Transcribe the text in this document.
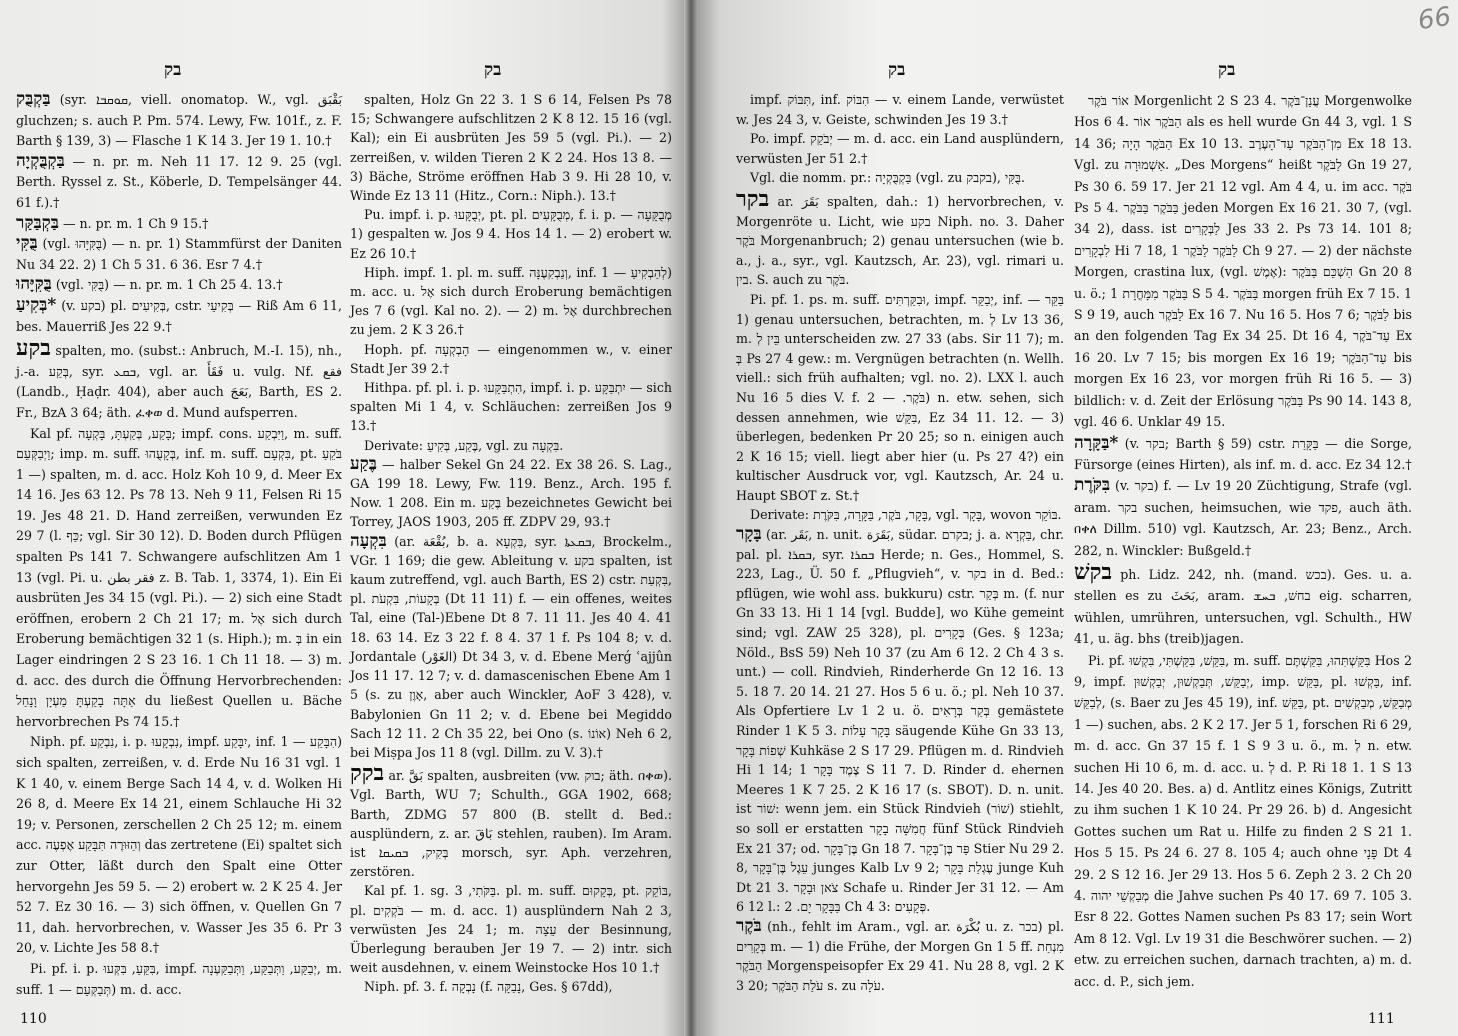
66
בק	בק	בק	בק

בַּקְבֻּק (syr. ܩܘܩܒܐ, viell. onomatop. W., vgl. بَقْبَق gluchzen; s. auch P. Pm. 574. Lewy, Fw. 101f., z. F. Barth § 139, 3) — Flasche 1 K 14 3. Jer 19 1. 10.†

בַּקְבֻּקְיָה — n. pr. m. Neh 11 17. 12 9. 25 (vgl. Berth. Ryssel z. St., Köberle, D. Tempelsänger 44. 61 f.).†

בַּקְבַּקַּר — n. pr. m. 1 Ch 9 15.†

בֻּקִּי (vgl. בֻּקִּיָּהוּ) — n. pr. 1) Stammfürst der Daniten Nu 34 22. 2) 1 Ch 5 31. 6 36. Esr 7 4.†

בֻּקִּיָּהוּ (vgl. בֻּקִּי) — n. pr. m. 1 Ch 25 4. 13.†

בְּקִיעַ* (v. בקע) pl. בְּקִיעִים, cstr. בְּקִיעֵי — Riß Am 6 11, bes. Mauerriß Jes 22 9.†

בקע spalten, mo. (subst.: Anbruch, M.-I. 15), nh., j.-a. בְּקַע, syr. ܒܩܥ, vgl. ar. فَقَأَ u. vulg. Nf. فقع (Landb., Ḥaḍr. 404), aber auch بَعَجَ, Barth, ES 2. Fr., BzA 3 64; äth. ፈቀወ d. Mund aufsperren.

Kal pf. בָּקַע, בְּקַעְתָּ, בָּקְעָה; impf. cons. וַיִּבְקַע, m. suff. וַיְבַקְּעֵם; imp. m. suff. בְּקָעֻהוּ, inf. m. suff. בִּקְעָם, pt. בֹּקֵעַ — 1) spalten, m. d. acc. Holz Koh 10 9, d. Meer Ex 14 16. Jes 63 12. Ps 78 13. Neh 9 11, Felsen Ri 15 19. Jes 48 21. D. Hand zerreißen, verwunden Ez 29 7 (l. כַּף; vgl. Sir 30 12). D. Boden durch Pflügen spalten Ps 141 7. Schwangere aufschlitzen Am 1 13 (vgl. Pi. u. فقر بطن z. B. Tab. 1, 3374, 1). Ein Ei ausbrüten Jes 34 15 (vgl. Pi.). — 2) sich eine Stadt eröffnen, erobern 2 Ch 21 17; m. אֶל sich durch Eroberung bemächtigen 32 1 (s. Hiph.); m. בְּ in ein Lager eindringen 2 S 23 16. 1 Ch 11 18. — 3) m. d. acc. des durch die Öffnung Hervorbrechenden: אַתָּה בָקַעְתָּ מַעְיָן וָנָחַל du ließest Quellen u. Bäche hervorbrechen Ps 74 15.†

Niph. pf. נִבְקַע, i. p. נִבְקָעוּ, impf. יִבָּקַע, inf. הִבָּקַע — 1) sich spalten, zerreißen, v. d. Erde Nu 16 31 vgl. 1 K 1 40, v. einem Berge Sach 14 4, v. d. Wolken Hi 26 8, d. Meere Ex 14 21, einem Schlauche Hi 32 19; v. Personen, zerschellen 2 Ch 25 12; m. einem acc. וְהַזּוּרֶה תִּבָּקַע אֶפְעֶה das zertretene (Ei) spaltet sich zur Otter, läßt durch den Spalt eine Otter hervorgehn Jes 59 5. — 2) erobert w. 2 K 25 4. Jer 52 7. Ez 30 16. — 3) sich öffnen, v. Quellen Gn 7 11, dah. hervorbrechen, v. Wasser Jes 35 6. Pr 3 20, v. Lichte Jes 58 8.†

Pi. pf. i. p. בִּקֵּעַ, בִּקְּעוּ, impf. יְבַקַּע, וַתְּבַקַּע, וַתְּבַקַּעְנָה, m. suff. תְּבַקְּעֵם — 1) m. d. acc.

spalten, Holz Gn 22 3. 1 S 6 14, Felsen Ps 78 15; Schwangere aufschlitzen 2 K 8 12. 15 16 (vgl. Kal); ein Ei ausbrüten Jes 59 5 (vgl. Pi.). — 2) zerreißen, v. wilden Tieren 2 K 2 24. Hos 13 8. — 3) Bäche, Ströme eröffnen Hab 3 9. Hi 28 10, v. Winde Ez 13 11 (Hitz., Corn.: Niph.). 13.†

Pu. impf. i. p. יְבֻקָּעוּ, pt. pl. מְבֻקָּעִים, f. i. p. מְבֻקָּעָה — 1) gespalten w. Jos 9 4. Hos 14 1. — 2) erobert w. Ez 26 10.†

Hiph. impf. 1. pl. m. suff. וְנַבְקִעֶנָּה, inf. לְהַבְקִיעַ — 1) m. acc. u. אֶל sich durch Eroberung bemächtigen Jes 7 6 (vgl. Kal no. 2). — 2) m. אֶל durchbrechen zu jem. 2 K 3 26.†

Hoph. pf. הָבְקְעָה — eingenommen w., v. einer Stadt Jer 39 2.†

Hithpa. pf. pl. i. p. הִתְבַּקָּעוּ, impf. i. p. יִתְבַּקָּע — sich spalten Mi 1 4, v. Schläuchen: zerreißen Jos 9 13.†

Derivate: בֶּקַע, בְּקִיעַ, vgl. zu בִּקְעָה.

בֶּקַע — halber Sekel Gn 24 22. Ex 38 26. S. Lag., GA 199 18. Lewy, Fw. 119. Benz., Arch. 195 f. Now. 1 208. Ein m. בֶּקַע bezeichnetes Gewicht bei Torrey, JAOS 1903, 205 ff. ZDPV 29, 93.†

בִּקְעָה (ar. بُقْعَة, b. a. בִּקְעָא, syr. ܒܩܥܬܐ, Brockelm., VGr. 1 169; die gew. Ableitung v. בקע spalten, ist kaum zutreffend, vgl. auch Barth, ES 2) cstr. בִּקְעַת, pl. בְּקָעוֹת, בִּקְעֹת (Dt 11 11) f. — ein offenes, weites Tal, eine (Tal-)Ebene Dt 8 7. 11 11. Jes 40 4. 41 18. 63 14. Ez 3 22 f. 8 4. 37 1 f. Ps 104 8; v. d. Jordantale (الغَوْر) Dt 34 3, v. d. Ebene Merǵ ʿajjûn Jos 11 17. 12 7; v. d. damascenischen Ebene Am 1 5 (s. zu אָוֶן, aber auch Winckler, AoF 3 428), v. Babylonien Gn 11 2; v. d. Ebene bei Megiddo Sach 12 11. 2 Ch 35 22, bei Ono (s. אוֹנוֹ) Neh 6 2, bei Miṣpa Jos 11 8 (vgl. Dillm. zu V. 3).†

בקק ar. بَقَّ spalten, ausbreiten (vw. בוק; äth. በቀወ). Vgl. Barth, WU 7; Schulth., GGA 1902, 668; Barth, ZDMG 57 800 (B. stellt d. Bed.: ausplündern, z. ar. بَاقَ stehlen, rauben). Im Aram. ist בְּקִיק, ܒܩܝܩܐ morsch, syr. Aph. verzehren, zerstören.

Kal pf. 1. sg. בַּקֹּתִי, 3. pl. m. suff. בְּקָקוּם, pt. בּוֹקֵק, pl. בֹּקְקִים — m. d. acc. 1) ausplündern Nah 2 3, verwüsten Jes 24 1; m. עֵצָה der Besinnung, Überlegung berauben Jer 19 7. — 2) intr. sich weit ausdehnen, v. einem Weinstocke Hos 10 1.†

Niph. pf. 3. f. נָבְקָה (f. נָבַקָּה, Ges. § 67dd),

impf. תִּבּוֹק, inf. הִבּוֹק — v. einem Lande, verwüstet w. Jes 24 3, v. Geiste, schwinden Jes 19 3.†

Po. impf. יְבֹקֵק — m. d. acc. ein Land ausplündern, verwüsten Jer 51 2.†

Vgl. die nomm. pr.: בַּקְבֻּקְיָה (vgl. zu בקבק), בֻּקִּי.

בקר ar. بَقَرَ spalten, dah.: 1) hervorbrechen, v. Morgenröte u. Licht, wie בקע Niph. no. 3. Daher בֹּקֶר Morgenanbruch; 2) genau untersuchen (wie b. a., j. a., syr., vgl. Kautzsch, Ar. 23), vgl. rimari u. בין. S. auch zu בֹּקֶר.

Pi. pf. 1. ps. m. suff. וּבִקַּרְתִּים, impf. יְבַקֵּר, inf. בַּקֵּר — 1) genau untersuchen, betrachten, m. לְ Lv 13 36, m. בֵּין לְ unterscheiden zw. 27 33 (abs. Sir 11 7); m. בְּ Ps 27 4 gew.: m. Vergnügen betrachten (n. Wellh. viell.: sich früh aufhalten; vgl. no. 2). LXX l. auch Nu 16 5 dies V. f. בֹּקֶר. — 2) n. etw. sehen, sich dessen annehmen, wie בִּקֵּשׁ, Ez 34 11. 12. — 3) überlegen, bedenken Pr 20 25; so n. einigen auch 2 K 16 15; viell. liegt aber hier (u. Ps 27 4?) ein kultischer Ausdruck vor, vgl. Kautzsch, Ar. 24 u. Haupt SBOT z. St.†

Derivate: בָּקָר, בֹּקֶר, בַּקָּרָה, בִּקֹּרֶת, vgl. בָּקָר, wovon בּוֹקֵר.

בָּקָר (ar. بَقَر, n. unit. بَقَرَة, südar. בקרם; j. a. בַּקְרָא, chr. pal. pl. ܒܩܪܐ, syr. ܒܩܪܐ Herde; n. Ges., Hommel, S. 223, Lag., Ü. 50 f. „Pflugvieh“, v. בקר in d. Bed.: pflügen, wie wohl ass. bukkuru) cstr. בְּקַר m. (f. nur Gn 33 13. Hi 1 14 [vgl. Budde], wo Kühe gemeint sind; vgl. ZAW 25 328), pl. בְּקָרִים (Ges. § 123a; Nöld., BsS 59) Neh 10 37 (zu Am 6 12. 2 Ch 4 3 s. unt.) — coll. Rindvieh, Rinderherde Gn 12 16. 13 5. 18 7. 20 14. 21 27. Hos 5 6 u. ö.; pl. Neh 10 37. Als Opfertiere Lv 1 2 u. ö. בְּקַר בְּרָאִים gemästete Rinder 1 K 5 3. בָּקָר עָלוֹת säugende Kühe Gn 33 13, שְׁפוֹת בָּקָר Kuhkäse 2 S 17 29. Pflügen m. d. Rindvieh Hi 1 14; צֶמֶד בָּקָר 1 S 11 7. D. Rinder d. ehernen Meeres 1 K 7 25. 2 K 16 17 (s. SBOT). D. n. unit. ist שׁוֹר: wenn jem. ein Stück Rindvieh (שׁוֹר) stiehlt, so soll er erstatten חֲמִשָּׁה בָקָר fünf Stück Rindvieh Ex 21 37; od. בֶּן־בָּקָר Gn 18 7. פַּר בֶּן־בָּקָר Stier Nu 29 2. 8, עֵגֶל בֶּן־בָּקָר junges Kalb Lv 9 2; עֶגְלַת בָּקָר junge Kuh Dt 21 3. צֹאן וּבָקָר Schafe u. Rinder Jer 31 12. — Am 6 12 l.: בַּבָּקָר יָם. 2 Ch 4 3: פְּקָעִים.

בֹּקֶר (nh., fehlt im Aram., vgl. ar. بُكْرَة u. z. בכר) pl. בְּקָרִים m. — 1) die Frühe, der Morgen Gn 1 5 ff. מִנְחַת הַבֹּקֶר Morgenspeisopfer Ex 29 41. Nu 28 8, vgl. 2 K 3 20; עֹלַת הַבֹּקֶר s. zu עֹלָה.

אוֹר בֹּקֶר Morgenlicht 2 S 23 4. עֲנַן־בֹּקֶר Morgenwolke Hos 6 4. הַבֹּקֶר אוֹר als es hell wurde Gn 44 3, vgl. 1 S 14 36; הַבֹּקֶר הָיָה Ex 10 13. מִן־הַבֹּקֶר עַד־הָעֶרֶב Ex 18 13. Vgl. zu אַשְׁמוּרָה. „Des Morgens“ heißt לַבֹּקֶר Gn 19 27, Ps 30 6. 59 17. Jer 21 12 vgl. Am 4 4, u. im acc. בֹּקֶר Ps 5 4. בַּבֹּקֶר בַּבֹּקֶר jeden Morgen Ex 16 21. 30 7, (vgl. 34 2), dass. ist לַבְּקָרִים Jes 33 2. Ps 73 14. 101 8; לִבְקָרִים Hi 7 18, לַבֹּקֶר לַבֹּקֶר 1 Ch 9 27. — 2) der nächste Morgen, crastina lux, (vgl. אֶמֶשׁ): הַשְׁכֵּם בַּבֹּקֶר Gn 20 8 u. ö.; בַּבֹּקֶר מִמָּחֳרָת 1 S 5 4. בַּבֹּקֶר morgen früh Ex 7 15. 1 S 9 19, auch לַבֹּקֶר Ex 16 7. Nu 16 5. Hos 7 6; לַבֹּקֶר bis an den folgenden Tag Ex 34 25. Dt 16 4, עַד־בֹּקֶר Ex 16 20. Lv 7 15; bis morgen Ex 16 19; עַד־הַבֹּקֶר bis morgen Ex 16 23, vor morgen früh Ri 16 5. — 3) bildlich: v. d. Zeit der Erlösung בַּבֹּקֶר Ps 90 14. 143 8, vgl. 46 6. Unklar 49 15.

בַּקָּרָה* (v. בקר; Barth § 59) cstr. בַּקָּרַת — die Sorge, Fürsorge (eines Hirten), als inf. m. d. acc. Ez 34 12.†

בִּקֹּרֶת (v. בקר) f. — Lv 19 20 Züchtigung, Strafe (vgl. aram. בקר suchen, heimsuchen, wie פקד, auch äth. በቀለ Dillm. 510) vgl. Kautzsch, Ar. 23; Benz., Arch. 282, n. Winckler: Bußgeld.†

בקשׁ ph. Lidz. 242, nh. (mand. בכש). Ges. u. a. stellen es zu بَحَثَ, aram. בחשׁ, ܒܚܫ eig. scharren, wühlen, umrühren, untersuchen, vgl. Schulth., HW 41, u. äg. bhs (treib)jagen.

Pi. pf. בִּקֵּשׁ, בִּקַּשְׁתִּי, בִּקְשׁוּ, m. suff. בִּקַּשְׁתִּהוּ, בִּקַּשְׁתֶּם Hos 2 9, impf. יְבַקֵּשׁ, תְּבַקְשׁוּן, יְבַקְשׁוּן, imp. בַּקֵּשׁ, pl. בַּקְשׁוּ, inf. לְבַקֵּשׁ, (s. Baer zu Jes 45 19), inf. בַּקֵּשׁ, pt. מְבַקֵּשׁ, מְבַקְשִׁים — 1) suchen, abs. 2 K 2 17. Jer 5 1, forschen Ri 6 29, m. d. acc. Gn 37 15 f. 1 S 9 3 u. ö., m. לְ n. etw. suchen Hi 10 6, m. d. acc. u. לְ d. P. Ri 18 1. 1 S 13 14. Jes 40 20. Bes. a) d. Antlitz eines Königs, Zutritt zu ihm suchen 1 K 10 24. Pr 29 26. b) d. Angesicht Gottes suchen um Rat u. Hilfe zu finden 2 S 21 1. Hos 5 15. Ps 24 6. 27 8. 105 4; auch ohne פָּנָי Dt 4 29. 2 S 12 16. Jer 29 13. Hos 5 6. Zeph 2 3. 2 Ch 20 4. מְבַקְשֵׁי יהוה die Jahve suchen Ps 40 17. 69 7. 105 3. Esr 8 22. Gottes Namen suchen Ps 83 17; sein Wort Am 8 12. Vgl. Lv 19 31 die Beschwörer suchen. — 2) etw. zu erreichen suchen, darnach trachten, a) m. d. acc. d. P., sich jem.

110	111
